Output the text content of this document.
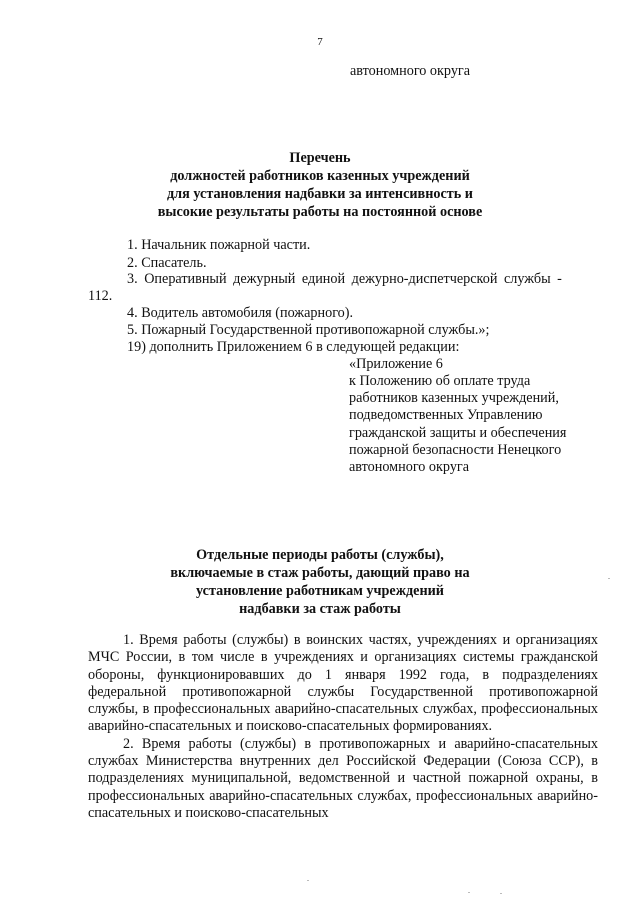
7
автономного округа
Перечень
должностей работников казенных учреждений
для установления надбавки за интенсивность и
высокие результаты работы на постоянной основе
1. Начальник пожарной части.
2. Спасатель.
3. Оперативный дежурный единой дежурно-диспетчерской службы -
112.
4. Водитель автомобиля (пожарного).
5. Пожарный Государственной противопожарной службы.»;
19) дополнить Приложением 6 в следующей редакции:
«Приложение 6
к Положению об оплате труда
работников казенных учреждений,
подведомственных Управлению
гражданской защиты и обеспечения
пожарной безопасности Ненецкого
автономного округа
Отдельные периоды работы (службы),
включаемые в стаж работы, дающий право на
установление работникам учреждений
надбавки за стаж работы

1. Время работы (службы) в воинских частях, учреждениях и организациях МЧС России, в том числе в учреждениях и организациях системы гражданской обороны, функционировавших до 1 января 1992 года, в подразделениях федеральной противопожарной службы Государственной противопожарной службы, в профессиональных аварийно-спасательных службах, профессиональных аварийно-спасательных и поисково-спасательных формированиях.

2. Время работы (службы) в противопожарных и аварийно-спасательных службах Министерства внутренних дел Российской Федерации (Союза ССР), в подразделениях муниципальной, ведомственной и частной пожарной охраны, в профессиональных аварийно-спасательных службах, профессиональных аварийно-спасательных и поисково-спасательных
